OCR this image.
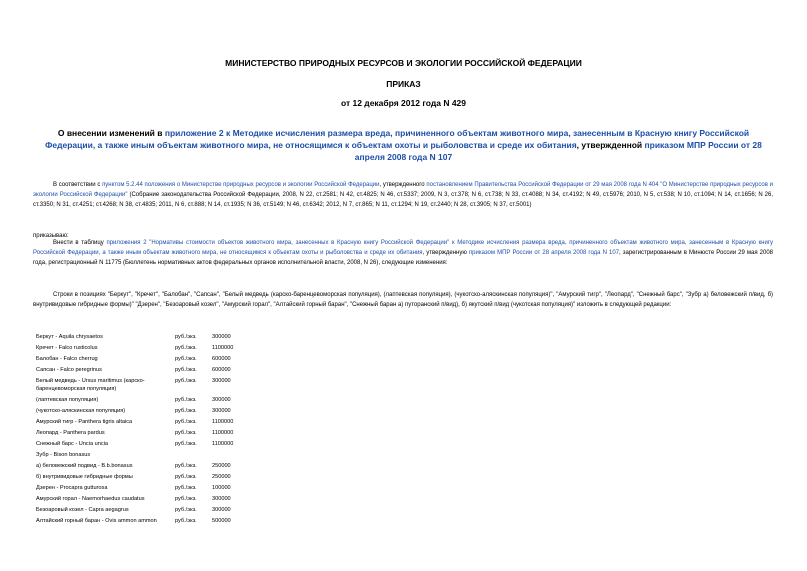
МИНИСТЕРСТВО ПРИРОДНЫХ РЕСУРСОВ И ЭКОЛОГИИ РОССИЙСКОЙ ФЕДЕРАЦИИ
ПРИКАЗ
от 12 декабря 2012 года N 429
О внесении изменений в приложение 2 к Методике исчисления размера вреда, причиненного объектам животного мира, занесенным в Красную книгу Российской Федерации, а также иным объектам животного мира, не относящимся к объектам охоты и рыболовства и среде их обитания, утвержденной приказом МПР России от 28 апреля 2008 года N 107
В соответствии с пунктом 5.2.44 положения о Министерстве природных ресурсов и экологии Российской Федерации, утвержденного постановлением Правительства Российской Федерации от 29 мая 2008 года N 404 "О Министерстве природных ресурсов и экологии Российской Федерации" (Собрание законодательства Российской Федерации, 2008, N 22, ст.2581; N 42, ст.4825; N 46, ст.5337; 2009, N 3, ст.378; N 6, ст.738; N 33, ст.4088; N 34, ст.4192; N 49, ст.5976; 2010, N 5, ст.538; N 10, ст.1094; N 14, ст.1656; N 26, ст.3350; N 31, ст.4251; ст.4268; N 38, ст.4835; 2011, N 6, ст.888; N 14, ст.1935; N 36, ст.5149; N 46, ст.6342; 2012, N 7, ст.865; N 11, ст.1294; N 19, ст.2440; N 28, ст.3905; N 37, ст.5001)
приказываю:
Внести в таблицу приложения 2 "Нормативы стоимости объектов животного мира, занесенных в Красную книгу Российской Федерации" к Методике исчисления размера вреда, причиненного объектам животного мира, занесенным в Красную книгу Российской Федерации, а также иным объектам животного мира, не относящимся к объектам охоты и рыболовства и среде их обитания, утвержденную приказом МПР России от 28 апреля 2008 года N 107, зарегистрированным в Минюсте России 29 мая 2008 года, регистрационный N 11775 (Бюллетень нормативных актов федеральных органов исполнительной власти, 2008, N 26), следующие изменения:
Строки в позициях "Беркут", "Кречет", "Балобан", "Сапсан", "Белый медведь (карско-баренцевоморская популяция), (лаптевская популяция), (чукотско-аляскинская популяция)", "Амурский тигр", "Леопард", "Снежный барс", "Зубр а) беловежский п/вид, б) внутривидовые гибридные формы)" "Дзерен", "Безоаровый козел", "Амурский горал", "Алтайский горный баран", "Снежный баран а) путоранский п/вид), б) якутский п/вид (чукотская популяция)" изложить в следующей редакции:
Беркут - Aquila chrysaetos	руб./экз.	300000
Кречет - Falco rusticolus	руб./экз.	1100000
Балобан - Falco cherrug	руб./экз.	600000
Сапсан - Falco peregrinus	руб./экз.	600000
Белый медведь - Ursus maritimus (карско-баренцевоморская популяция)	руб./экз.	300000
(лаптевская популяция)	руб./экз.	300000
(чукотско-аляскинская популяция)	руб./экз.	300000
Амурский тигр - Panthera tigris altaica	руб./экз.	1100000
Леопард - Panthera pardus	руб./экз.	1100000
Снежный барс - Uncia uncia	руб./экз.	1100000
Зубр - Bison bonasus		
а) беловежский подвид - B.b.bonasus	руб./экз.	250000
б) внутривидовые гибридные формы	руб./экз.	250000
Дзерен - Procapra gutturosa	руб./экз.	100000
Амурский горал - Naemorhaedus caudatus	руб./экз.	300000
Безоаровый козел - Capra aegagrus	руб./экз.	300000
Алтайский горный баран - Ovis ammon ammon	руб./экз.	500000
